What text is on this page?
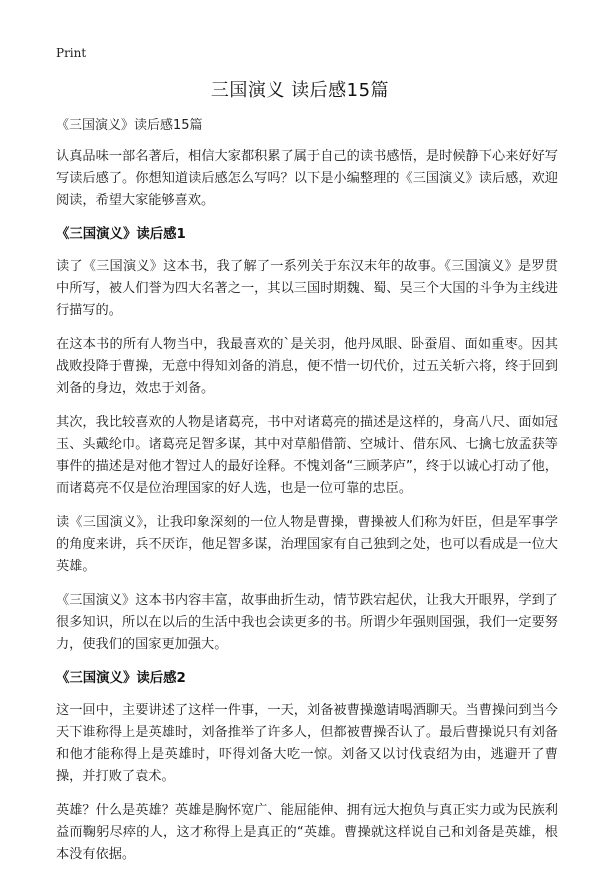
Print
三国演义 读后感15篇
《三国演义》读后感15篇

认真品味一部名著后，相信大家都积累了属于自己的读书感悟，是时候静下心来好好写写读后感了。你想知道读后感怎么写吗？以下是小编整理的《三国演义》读后感，欢迎阅读，希望大家能够喜欢。

《三国演义》读后感1

读了《三国演义》这本书，我了解了一系列关于东汉末年的故事。《三国演义》是罗贯中所写，被人们誉为四大名著之一，其以三国时期魏、蜀、吴三个大国的斗争为主线进行描写的。

在这本书的所有人物当中，我最喜欢的`是关羽，他丹凤眼、卧蚕眉、面如重枣。因其战败投降于曹操，无意中得知刘备的消息，便不惜一切代价，过五关斩六将，终于回到刘备的身边，效忠于刘备。

其次，我比较喜欢的人物是诸葛亮，书中对诸葛亮的描述是这样的，身高八尺、面如冠玉、头戴纶巾。诸葛亮足智多谋，其中对草船借箭、空城计、借东风、七擒七放孟获等事件的描述是对他才智过人的最好诠释。不愧刘备“三顾茅庐”，终于以诚心打动了他，而诸葛亮不仅是位治理国家的好人选，也是一位可靠的忠臣。

读《三国演义》，让我印象深刻的一位人物是曹操，曹操被人们称为奸臣，但是军事学的角度来讲，兵不厌诈，他足智多谋，治理国家有自己独到之处，也可以看成是一位大英雄。

《三国演义》这本书内容丰富，故事曲折生动，情节跌宕起伏，让我大开眼界，学到了很多知识，所以在以后的生活中我也会读更多的书。所谓少年强则国强，我们一定要努力，使我们的国家更加强大。

《三国演义》读后感2

这一回中，主要讲述了这样一件事，一天，刘备被曹操邀请喝酒聊天。当曹操问到当今天下谁称得上是英雄时，刘备推举了许多人，但都被曹操否认了。最后曹操说只有刘备和他才能称得上是英雄时，吓得刘备大吃一惊。刘备又以讨伐袁绍为由，逃避开了曹操，并打败了袁术。

英雄？什么是英雄？英雄是胸怀宽广、能屈能伸、拥有远大抱负与真正实力或为民族利益而鞠躬尽瘁的人，这才称得上是真正的“英雄。曹操就这样说自己和刘备是英雄，根本没有依据。
